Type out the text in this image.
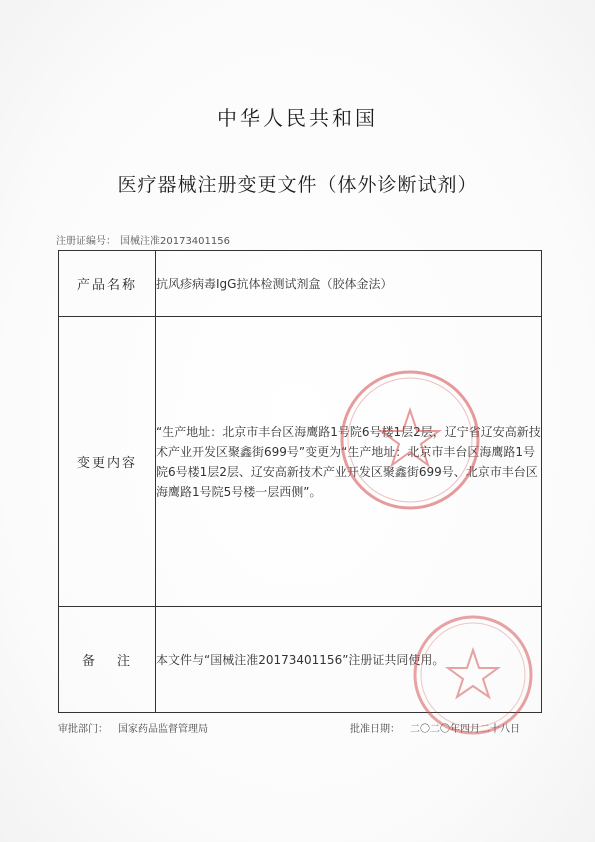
中华人民共和国
医疗器械注册变更文件（体外诊断试剂）
注册证编号： 国械注准20173401156
产品名称	抗风疹病毒IgG抗体检测试剂盒（胶体金法）
变更内容	“生产地址：北京市丰台区海鹰路1号院6号楼1层2层，辽宁省辽安高新技术产业开发区聚鑫街699号”变更为“生产地址：北京市丰台区海鹰路1号院6号楼1层2层、辽安高新技术产业开发区聚鑫街699号、北京市丰台区海鹰路1号院5号楼一层西侧”。
备注	本文件与“国械注准20173401156”注册证共同使用。
审批部门： 国家药品监督管理局	批准日期： 二〇二〇年四月二十八日
